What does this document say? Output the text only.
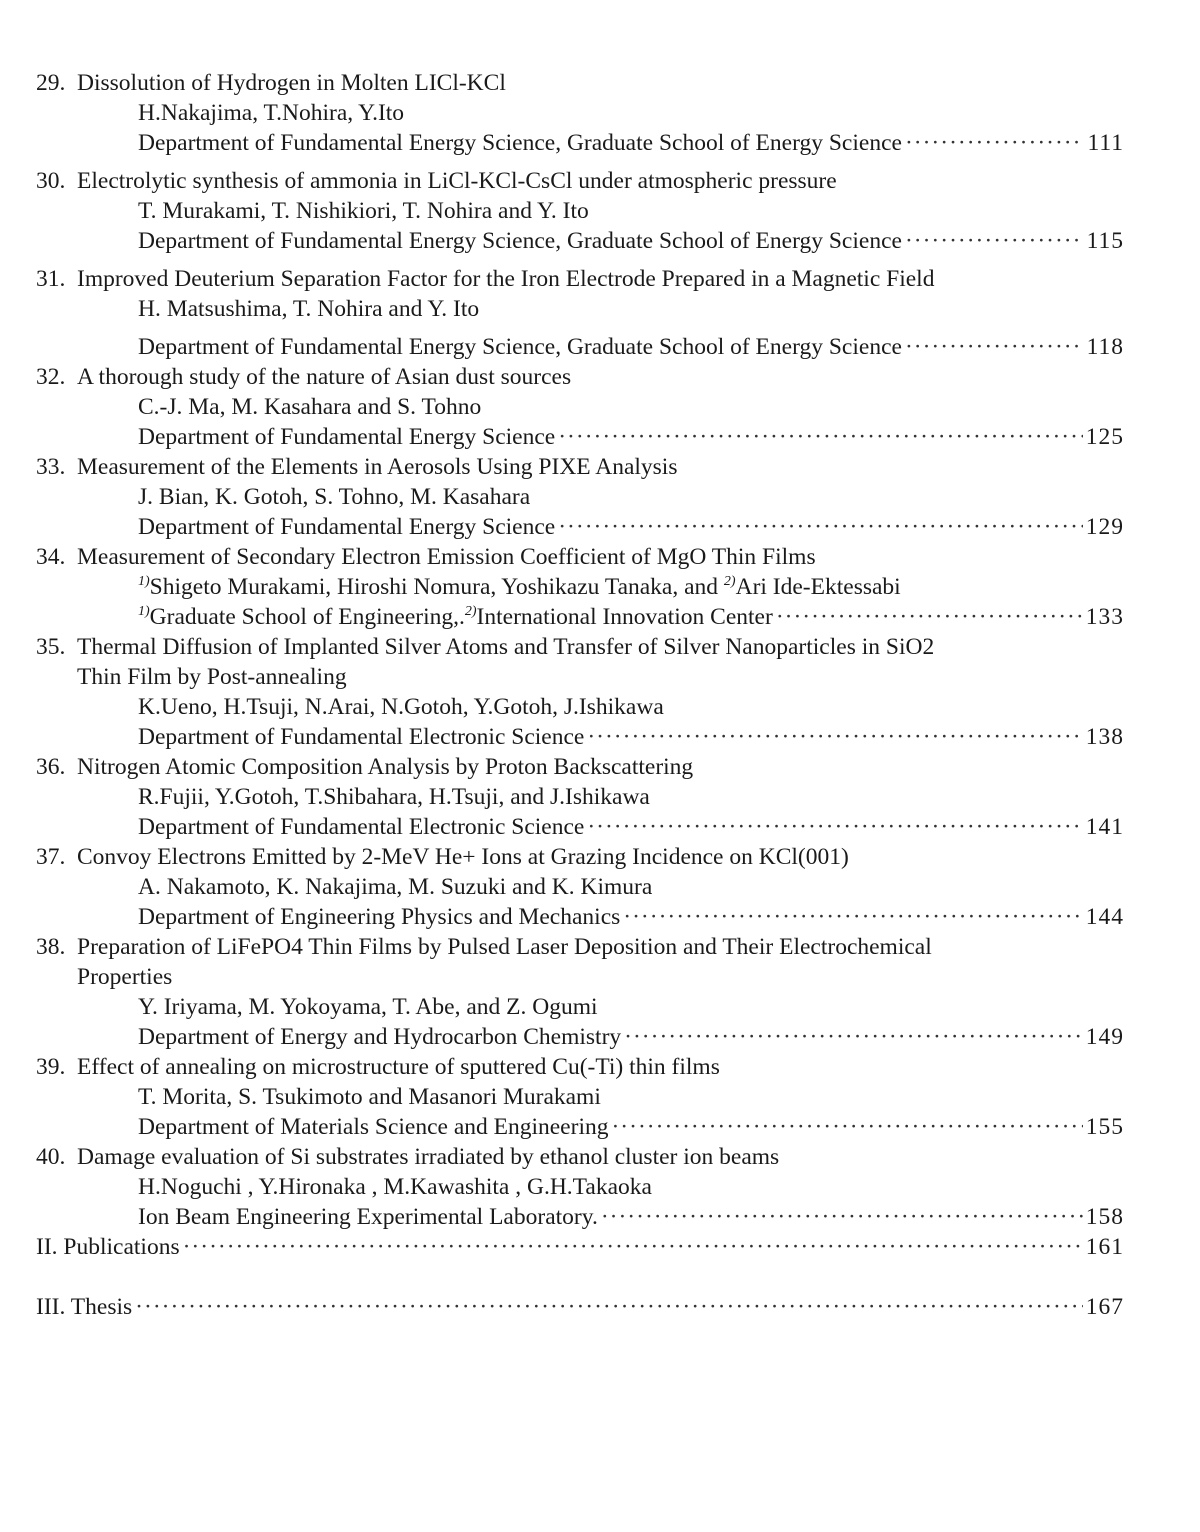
29. Dissolution of Hydrogen in Molten LICl-KCl
H.Nakajima, T.Nohira, Y.Ito
Department of Fundamental Energy Science, Graduate School of Energy Science ·····	111
30. Electrolytic synthesis of ammonia in LiCl-KCl-CsCl under atmospheric pressure
T. Murakami, T. Nishikiori, T. Nohira and Y. Ito
Department of Fundamental Energy Science, Graduate School of Energy Science ·····	115
31. Improved Deuterium Separation Factor for the Iron Electrode Prepared in a Magnetic Field
H. Matsushima, T. Nohira and Y. Ito
Department of Fundamental Energy Science, Graduate School of Energy Science ·····	118
32. A thorough study of the nature of Asian dust sources
C.-J. Ma, M. Kasahara and S. Tohno
Department of Fundamental Energy Science ·····	125
33. Measurement of the Elements in Aerosols Using PIXE Analysis
J. Bian, K. Gotoh, S. Tohno, M. Kasahara
Department of Fundamental Energy Science ·····	129
34. Measurement of Secondary Electron Emission Coefficient of MgO Thin Films
$^{1)}$Shigeto Murakami, Hiroshi Nomura, Yoshikazu Tanaka, and $^{2)}$Ari Ide-Ektessabi
$^{1)}$Graduate School of Engineering,.$^{2)}$International Innovation Center ·····	133
35. Thermal Diffusion of Implanted Silver Atoms and Transfer of Silver Nanoparticles in SiO2
Thin Film by Post-annealing
K.Ueno, H.Tsuji, N.Arai, N.Gotoh, Y.Gotoh, J.Ishikawa
Department of Fundamental Electronic Science ·····	138
36. Nitrogen Atomic Composition Analysis by Proton Backscattering
R.Fujii, Y.Gotoh, T.Shibahara, H.Tsuji, and J.Ishikawa
Department of Fundamental Electronic Science ·····	141
37. Convoy Electrons Emitted by 2-MeV He+ Ions at Grazing Incidence on KCl(001)
A. Nakamoto, K. Nakajima, M. Suzuki and K. Kimura
Department of Engineering Physics and Mechanics ·····	144
38. Preparation of LiFePO4 Thin Films by Pulsed Laser Deposition and Their Electrochemical
Properties
Y. Iriyama, M. Yokoyama, T. Abe, and Z. Ogumi
Department of Energy and Hydrocarbon Chemistry ·····	149
39. Effect of annealing on microstructure of sputtered Cu(-Ti) thin films
T. Morita, S. Tsukimoto and Masanori Murakami
Department of Materials Science and Engineering ·····	155
40. Damage evaluation of Si substrates irradiated by ethanol cluster ion beams
H.Noguchi , Y.Hironaka , M.Kawashita , G.H.Takaoka
Ion Beam Engineering Experimental Laboratory. ·····	158
II. Publications ·····	161
III. Thesis ·····	167
